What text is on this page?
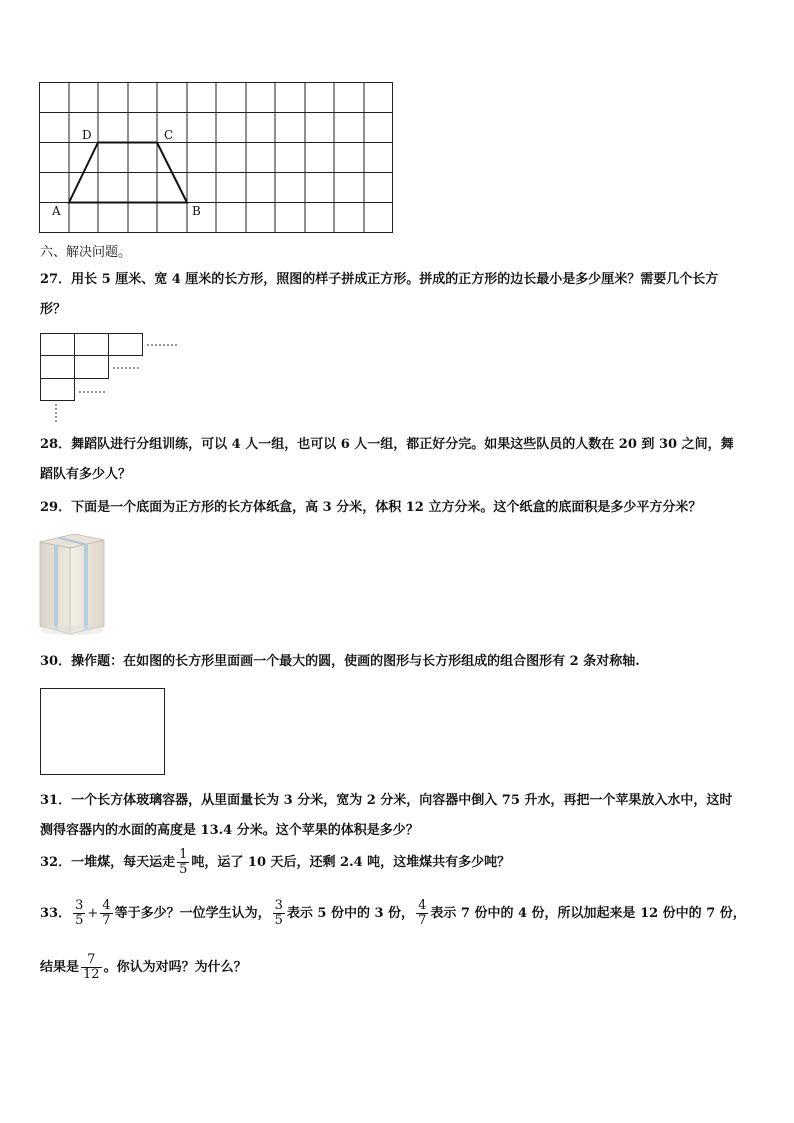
D	C
A	B
六、解决问题。
27．用长 5 厘米、宽 4 厘米的长方形，照图的样子拼成正方形。拼成的正方形的边长最小是多少厘米？需要几个长方
形？
28．舞蹈队进行分组训练，可以 4 人一组，也可以 6 人一组，都正好分完。如果这些队员的人数在 20 到 30 之间，舞
蹈队有多少人？
29．下面是一个底面为正方形的长方体纸盒，高 3 分米，体积 12 立方分米。这个纸盒的底面积是多少平方分米？
30．操作题：在如图的长方形里面画一个最大的圆，使画的图形与长方形组成的组合图形有 2 条对称轴.
31．一个长方体玻璃容器，从里面量长为 3 分米，宽为 2 分米，向容器中倒入 75 升水，再把一个苹果放入水中，这时
测得容器内的水面的高度是 13.4 分米。这个苹果的体积是多少？
32．一堆煤，每天运走 $\frac{1}{5}$ 吨，运了 10 天后，还剩 2.4 吨，这堆煤共有多少吨？
33． $\frac{3}{5} + \frac{4}{7}$ 等于多少？一位学生认为， $\frac{3}{5}$ 表示 5 份中的 3 份， $\frac{4}{7}$ 表示 7 份中的 4 份，所以加起来是 12 份中的 7 份，
结果是 $\frac{7}{12}$ 。你认为对吗？为什么？
